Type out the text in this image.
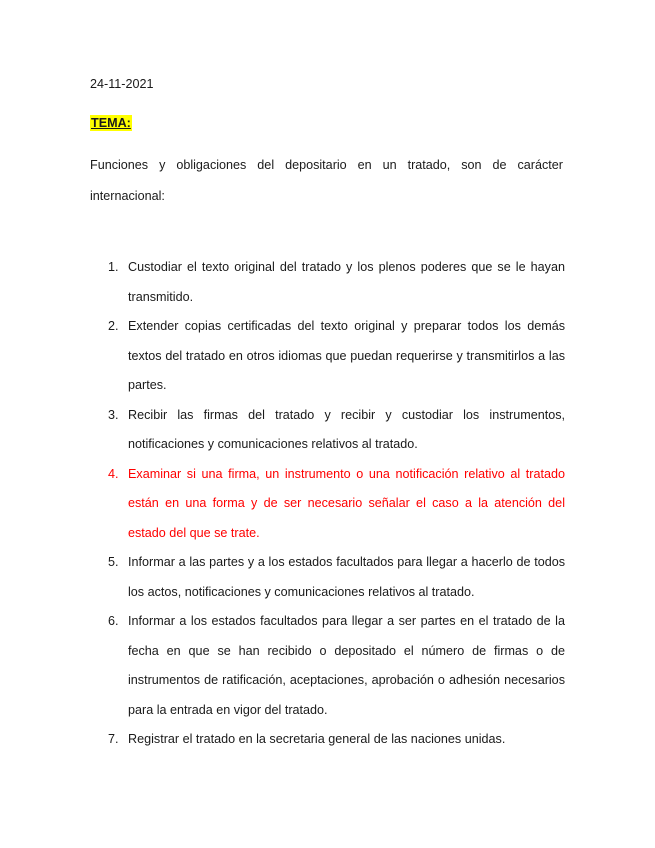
24-11-2021
TEMA:
Funciones y obligaciones del depositario en un tratado, son de carácter internacional:
1. Custodiar el texto original del tratado y los plenos poderes que se le hayan transmitido.
2. Extender copias certificadas del texto original y preparar todos los demás textos del tratado en otros idiomas que puedan requerirse y transmitirlos a las partes.
3. Recibir las firmas del tratado y recibir y custodiar los instrumentos, notificaciones y comunicaciones relativos al tratado.
4. Examinar si una firma, un instrumento o una notificación relativo al tratado están en una forma y de ser necesario señalar el caso a la atención del estado del que se trate.
5. Informar a las partes y a los estados facultados para llegar a hacerlo de todos los actos, notificaciones y comunicaciones relativos al tratado.
6. Informar a los estados facultados para llegar a ser partes en el tratado de la fecha en que se han recibido o depositado el número de firmas o de instrumentos de ratificación, aceptaciones, aprobación o adhesión necesarios para la entrada en vigor del tratado.
7. Registrar el tratado en la secretaria general de las naciones unidas.
